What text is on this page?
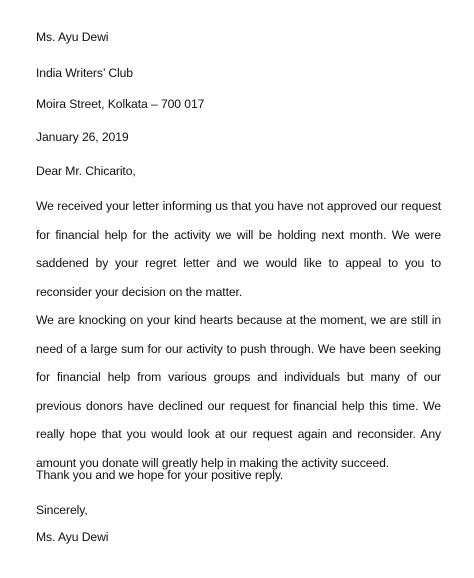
Ms. Ayu Dewi
India Writers’ Club
Moira Street, Kolkata – 700 017
January 26, 2019
Dear Mr. Chicarito,
We received your letter informing us that you have not approved our request for financial help for the activity we will be holding next month. We were saddened by your regret letter and we would like to appeal to you to reconsider your decision on the matter.
We are knocking on your kind hearts because at the moment, we are still in need of a large sum for our activity to push through. We have been seeking for financial help from various groups and individuals but many of our previous donors have declined our request for financial help this time. We really hope that you would look at our request again and reconsider. Any amount you donate will greatly help in making the activity succeed.
Thank you and we hope for your positive reply.
Sincerely,
Ms. Ayu Dewi
